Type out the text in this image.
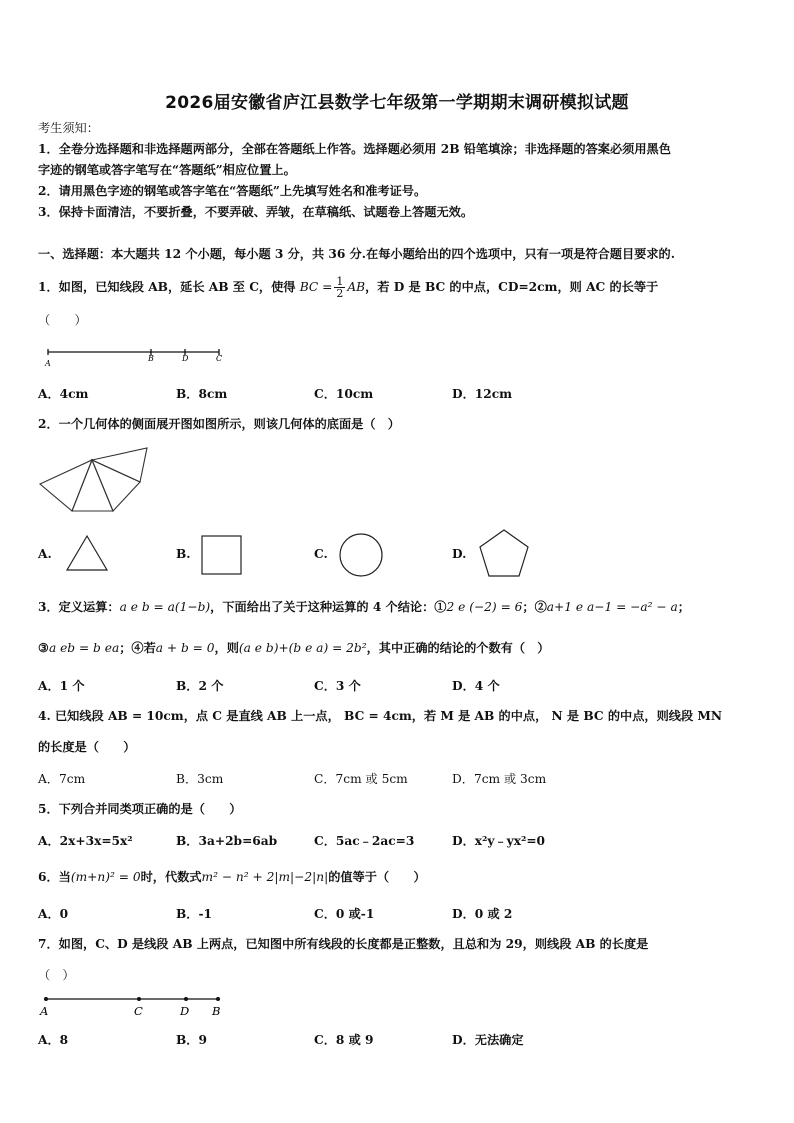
2026届安徽省庐江县数学七年级第一学期期末调研模拟试题
考生须知：
1．全卷分选择题和非选择题两部分，全部在答题纸上作答。选择题必须用 2B 铅笔填涂；非选择题的答案必须用黑色
字迹的钢笔或答字笔写在“答题纸”相应位置上。
2．请用黑色字迹的钢笔或答字笔在“答题纸”上先填写姓名和准考证号。
3．保持卡面清洁，不要折叠，不要弄破、弄皱，在草稿纸、试题卷上答题无效。
一、选择题：本大题共 12 个小题，每小题 3 分，共 36 分.在每小题给出的四个选项中，只有一项是符合题目要求的.
1．如图，已知线段 AB，延长 AB 至 C，使得 BC = $\frac{1}{2}$ AB，若 D 是 BC 的中点，CD=2cm，则 AC 的长等于
（　　）
A
B	D	C
A．4cm	B．8cm	C．10cm	D．12cm
2．一个几何体的侧面展开图如图所示，则该几何体的底面是（　）
A.	B.	C.	D.
3．定义运算：a e b = a(1−b)，下面给出了关于这种运算的 4 个结论：①2 e (−2) = 6；②a+1 e a−1 = −a² − a；
③a eb = b ea；④若a + b = 0，则(a e b)+(b e a) = 2b²，其中正确的结论的个数有（　）
A．1 个	B．2 个	C．3 个	D．4 个
4. 已知线段 AB = 10cm，点 C 是直线 AB 上一点， BC = 4cm，若 M 是 AB 的中点， N 是 BC 的中点，则线段 MN
的长度是（　　）
A．7cm	B．3cm	C．7cm 或 5cm	D．7cm 或 3cm
5．下列合并同类项正确的是（　　）
A．2x+3x=5x²	B．3a+2b=6ab	C．5ac﹣2ac=3	D．x²y﹣yx²=0
6．当(m+n)² = 0时，代数式m² − n² + 2|m|−2|n|的值等于（　　）
A．0	B．-1	C．0 或-1	D．0 或 2
7．如图，C、D 是线段 AB 上两点，已知图中所有线段的长度都是正整数，且总和为 29，则线段 AB 的长度是
（　）
A	C	D B
A．8	B．9	C．8 或 9	D．无法确定
